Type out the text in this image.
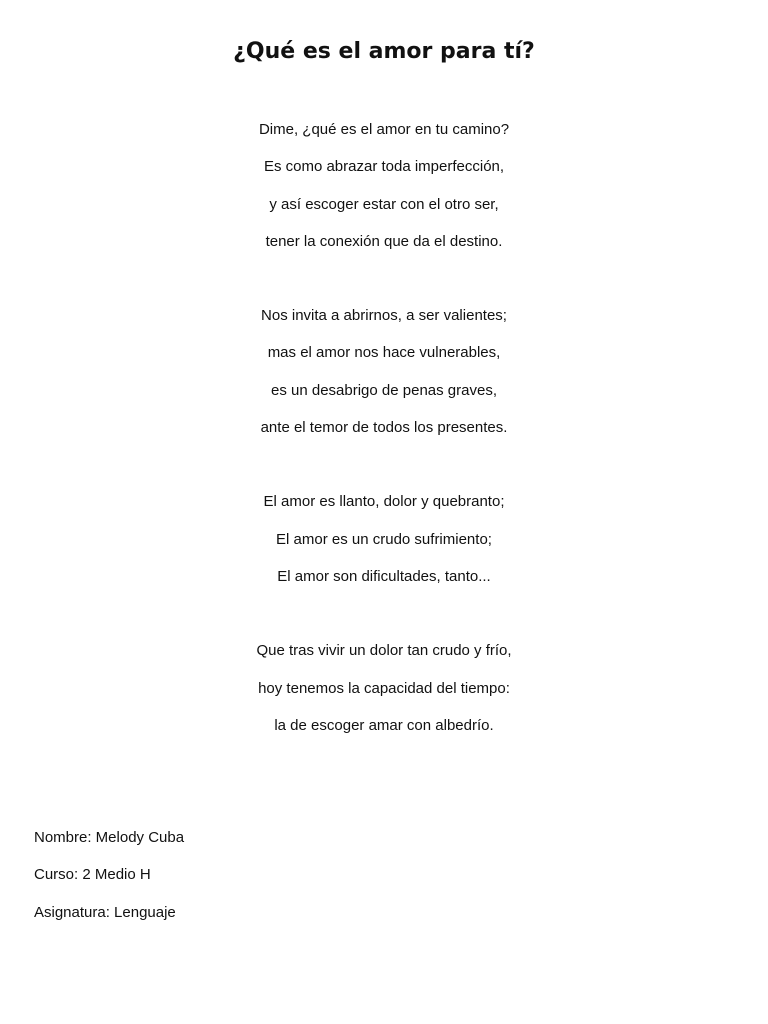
¿Qué es el amor para tí?
Dime, ¿qué es el amor en tu camino?
Es como abrazar toda imperfección,
y así escoger estar con el otro ser,
tener la conexión que da el destino.
Nos invita a abrirnos, a ser valientes;
mas el amor nos hace vulnerables,
es un desabrigo de penas graves,
ante el temor de todos los presentes.
El amor es llanto, dolor y quebranto;
El amor es un crudo sufrimiento;
El amor son dificultades, tanto...
Que tras vivir un dolor tan crudo y frío,
hoy tenemos la capacidad del tiempo:
la de escoger amar con albedrío.
Nombre: Melody Cuba
Curso: 2 Medio H
Asignatura: Lenguaje
